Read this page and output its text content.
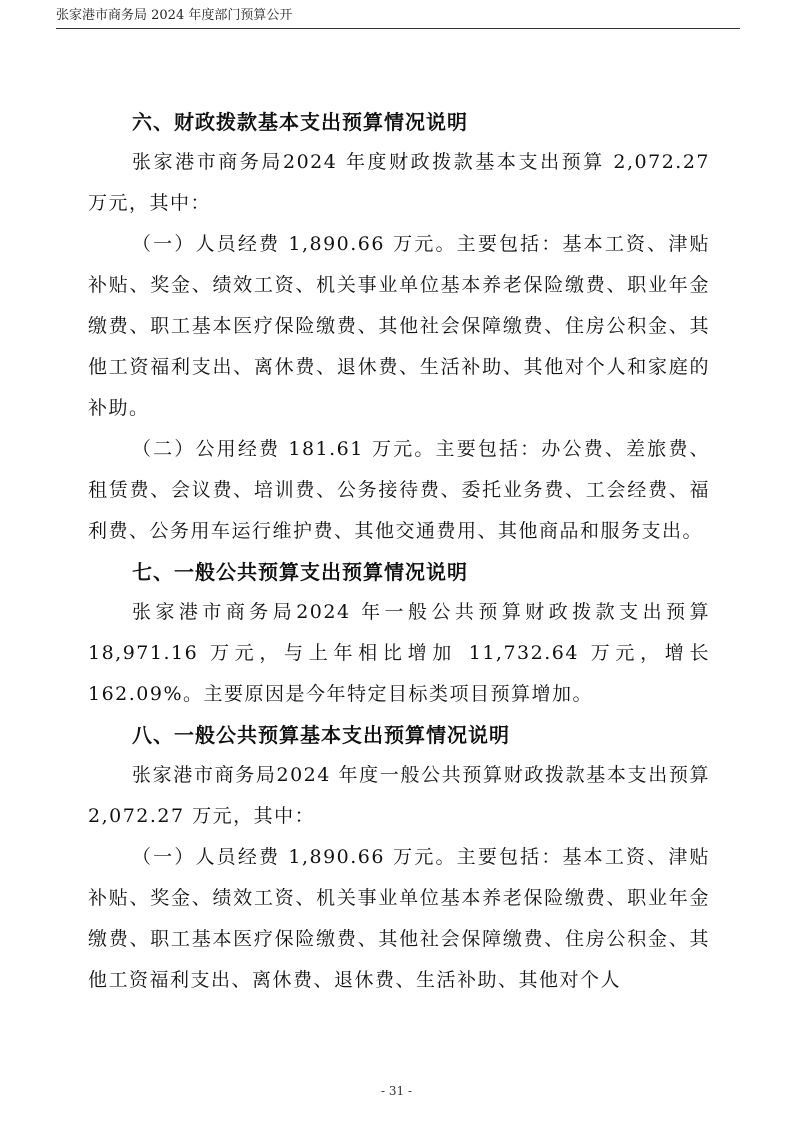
张家港市商务局 2024 年度部门预算公开
六、财政拨款基本支出预算情况说明

张家港市商务局2024 年度财政拨款基本支出预算 2,072.27 万元，其中：

（一）人员经费 1,890.66 万元。主要包括：基本工资、津贴补贴、奖金、绩效工资、机关事业单位基本养老保险缴费、职业年金缴费、职工基本医疗保险缴费、其他社会保障缴费、住房公积金、其他工资福利支出、离休费、退休费、生活补助、其他对个人和家庭的补助。

（二）公用经费 181.61 万元。主要包括：办公费、差旅费、租赁费、会议费、培训费、公务接待费、委托业务费、工会经费、福利费、公务用车运行维护费、其他交通费用、其他商品和服务支出。

七、一般公共预算支出预算情况说明

张家港市商务局2024 年一般公共预算财政拨款支出预算 18,971.16 万元，与上年相比增加 11,732.64 万元，增长 162.09%。主要原因是今年特定目标类项目预算增加。

八、一般公共预算基本支出预算情况说明

张家港市商务局2024 年度一般公共预算财政拨款基本支出预算 2,072.27 万元，其中：

（一）人员经费 1,890.66 万元。主要包括：基本工资、津贴补贴、奖金、绩效工资、机关事业单位基本养老保险缴费、职业年金缴费、职工基本医疗保险缴费、其他社会保障缴费、住房公积金、其他工资福利支出、离休费、退休费、生活补助、其他对个人

- 31 -
